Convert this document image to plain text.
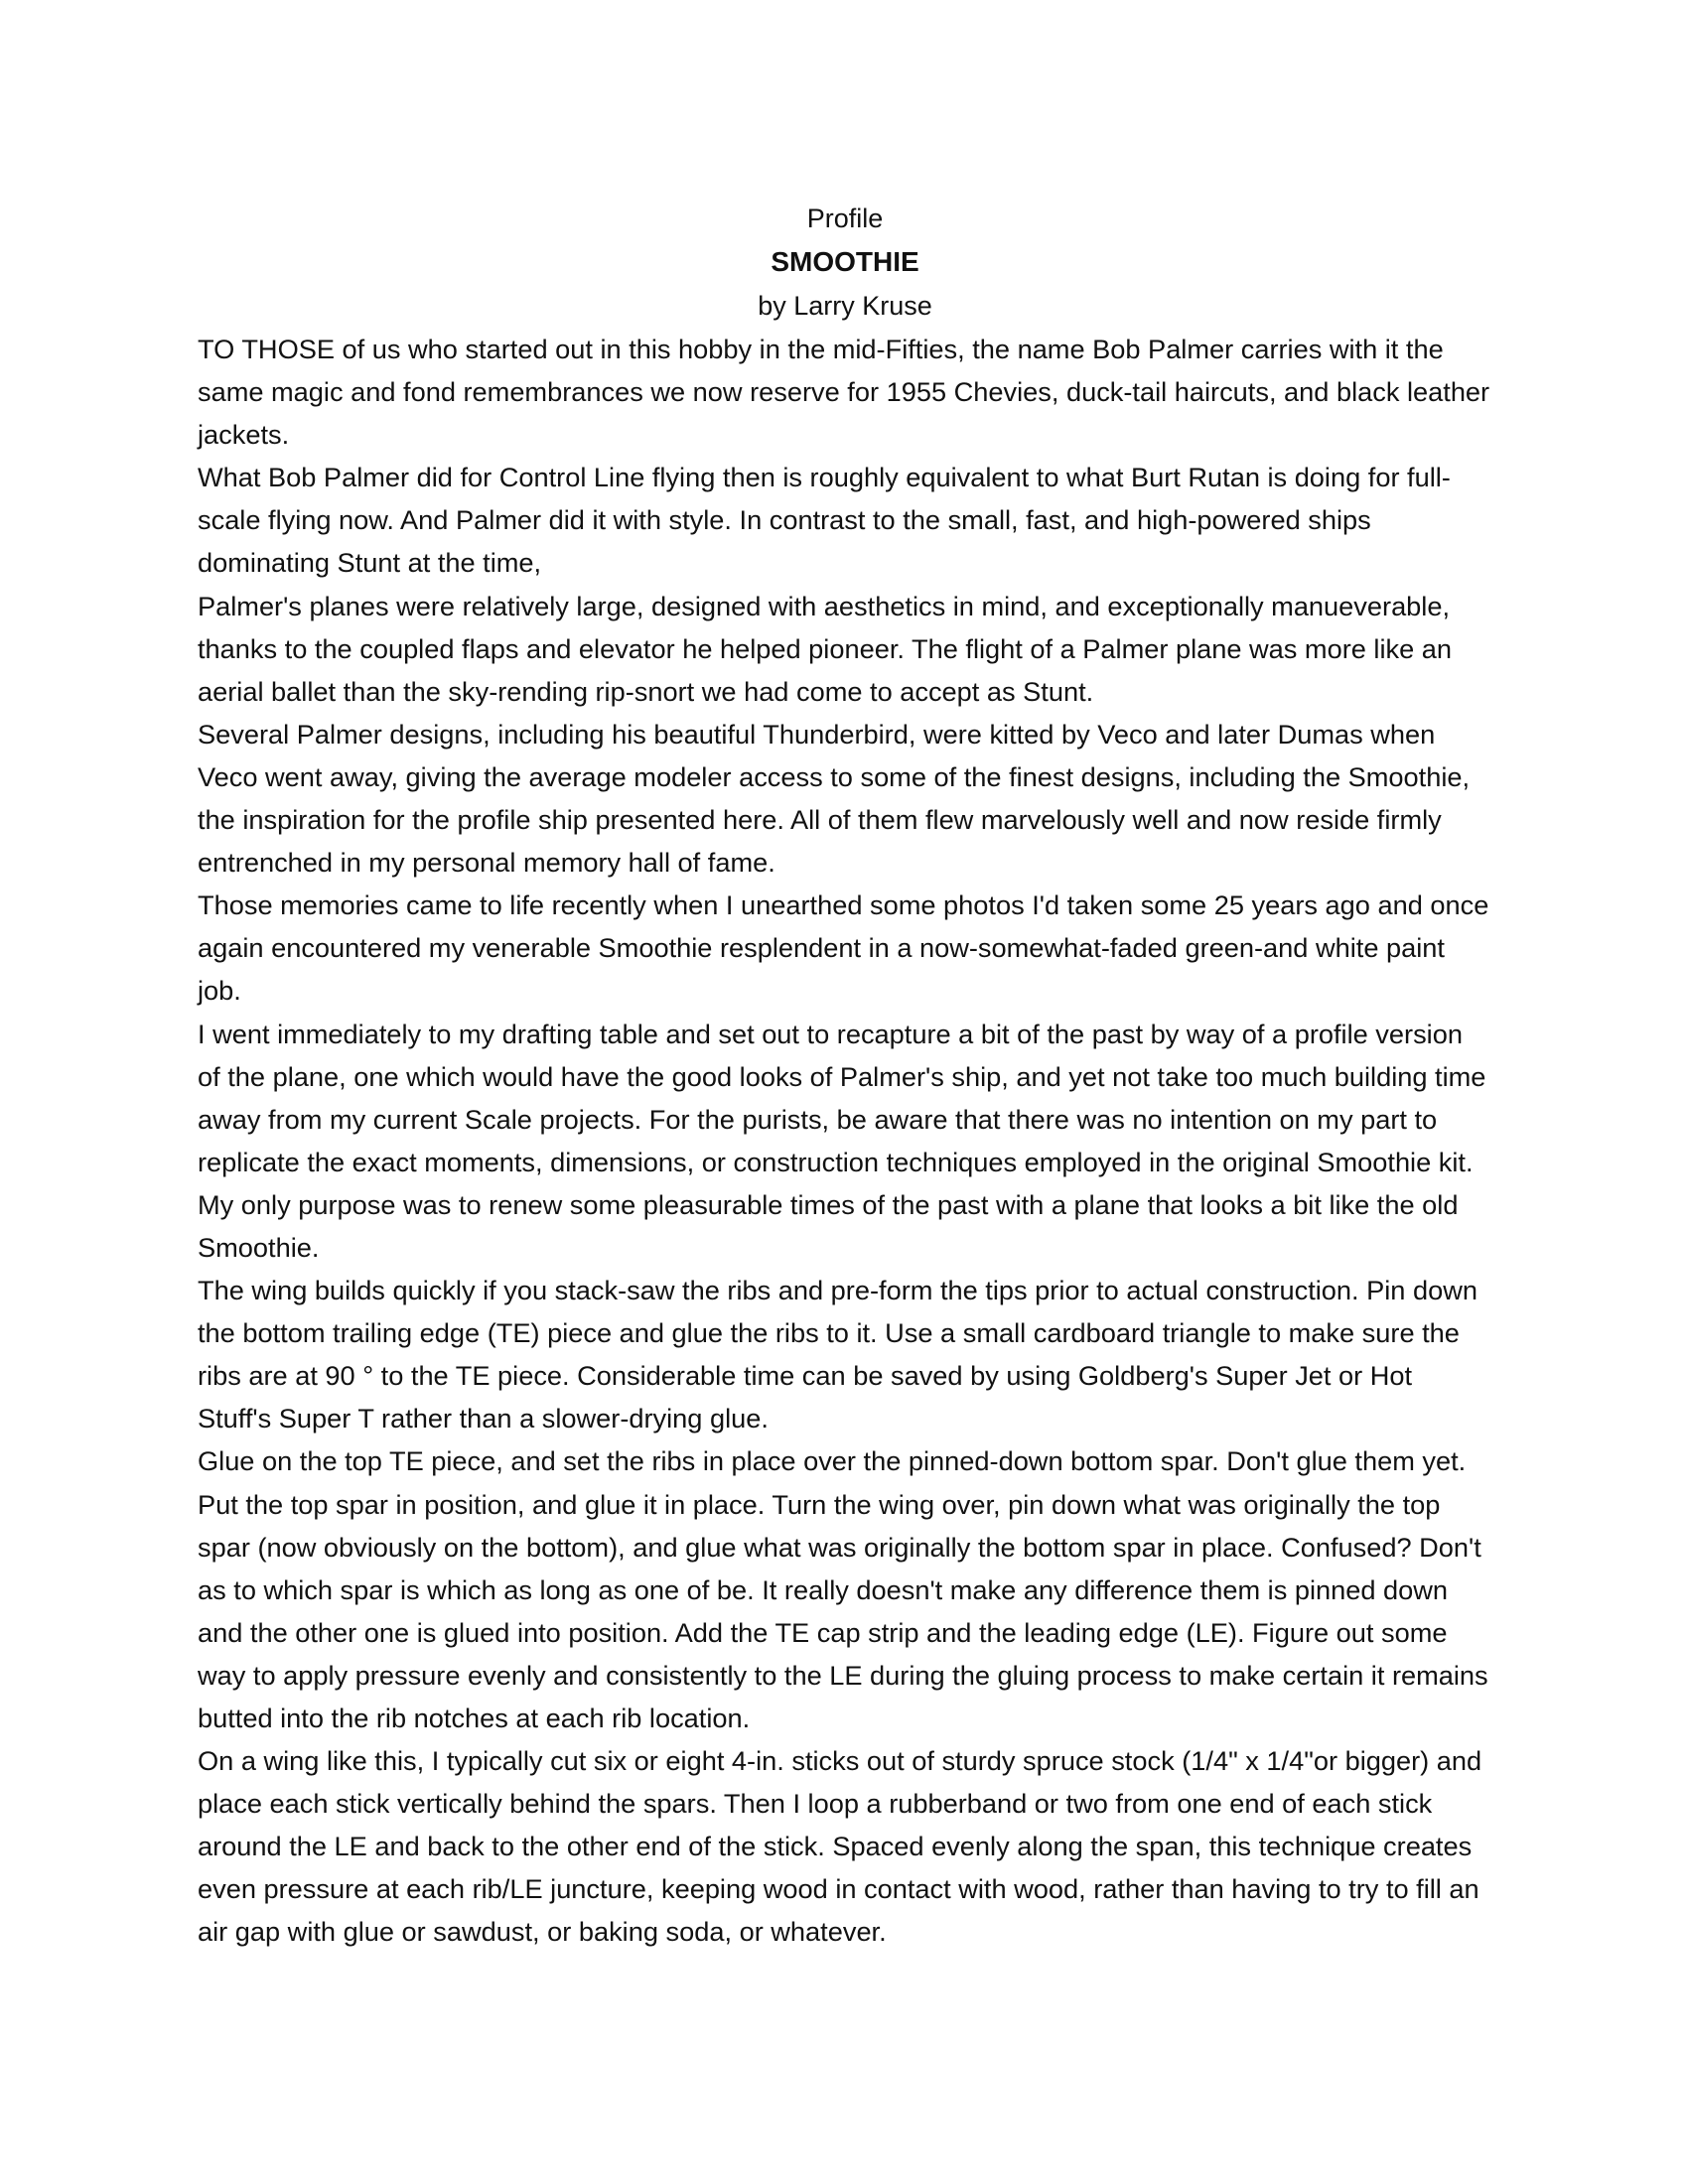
Profile
SMOOTHIE
by Larry Kruse

TO THOSE of us who started out in this hobby in the mid-Fifties, the name Bob Palmer carries with it the same magic and fond remembrances we now reserve for 1955 Chevies, duck-tail haircuts, and black leather jackets.

What Bob Palmer did for Control Line flying then is roughly equivalent to what Burt Rutan is doing for full-scale flying now. And Palmer did it with style. In contrast to the small, fast, and high-powered ships dominating Stunt at the time,

Palmer's planes were relatively large, designed with aesthetics in mind, and exceptionally manueverable, thanks to the coupled flaps and elevator he helped pioneer. The flight of a Palmer plane was more like an aerial ballet than the sky-rending rip-snort we had come to accept as Stunt.

Several Palmer designs, including his beautiful Thunderbird, were kitted by Veco and later Dumas when Veco went away, giving the average modeler access to some of the finest designs, including the Smoothie, the inspiration for the profile ship presented here. All of them flew marvelously well and now reside firmly entrenched in my personal memory hall of fame.

Those memories came to life recently when I unearthed some photos I'd taken some 25 years ago and once again encountered my venerable Smoothie resplendent in a now-somewhat-faded green-and white paint job.

I went immediately to my drafting table and set out to recapture a bit of the past by way of a profile version of the plane, one which would have the good looks of Palmer's ship, and yet not take too much building time away from my current Scale projects. For the purists, be aware that there was no intention on my part to replicate the exact moments, dimensions, or construction techniques employed in the original Smoothie kit. My only purpose was to renew some pleasurable times of the past with a plane that looks a bit like the old Smoothie.

The wing builds quickly if you stack-saw the ribs and pre-form the tips prior to actual construction. Pin down the bottom trailing edge (TE) piece and glue the ribs to it. Use a small cardboard triangle to make sure the ribs are at 90 ° to the TE piece. Considerable time can be saved by using Goldberg's Super Jet or Hot Stuff's Super T rather than a slower-drying glue.

Glue on the top TE piece, and set the ribs in place over the pinned-down bottom spar. Don't glue them yet. Put the top spar in position, and glue it in place. Turn the wing over, pin down what was originally the top spar (now obviously on the bottom), and glue what was originally the bottom spar in place. Confused? Don't as to which spar is which as long as one of be. It really doesn't make any difference them is pinned down and the other one is glued into position. Add the TE cap strip and the leading edge (LE). Figure out some way to apply pressure evenly and consistently to the LE during the gluing process to make certain it remains butted into the rib notches at each rib location.

On a wing like this, I typically cut six or eight 4-in. sticks out of sturdy spruce stock (1/4" x 1/4"or bigger) and place each stick vertically behind the spars. Then I loop a rubberband or two from one end of each stick around the LE and back to the other end of the stick. Spaced evenly along the span, this technique creates even pressure at each rib/LE juncture, keeping wood in contact with wood, rather than having to try to fill an air gap with glue or sawdust, or baking soda, or whatever.
